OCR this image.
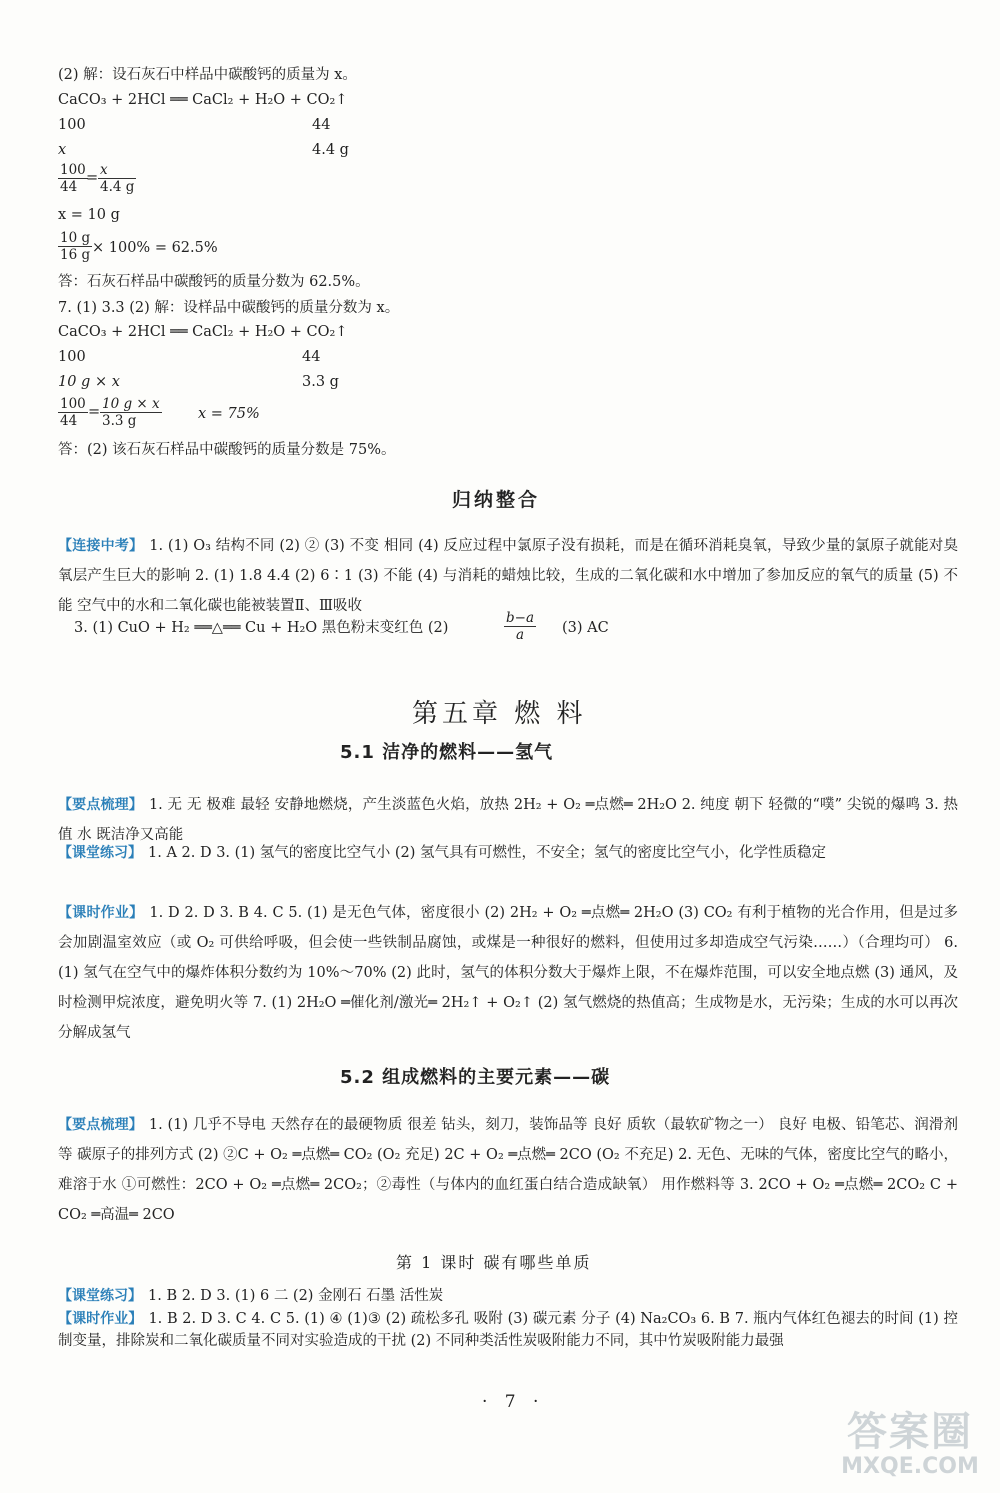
(2) 解：设石灰石中样品中碳酸钙的质量为 x。
CaCO₃ + 2HCl ══ CaCl₂ + H₂O + CO₂↑
100	44
x	4.4 g
$\frac{100}{44}$
= $\frac{x}{4.4 g}$
x = 10 g
$\frac{10 g}{16 g} \times 100\% = 62.5\%$
答：石灰石样品中碳酸钙的质量分数为 62.5%。
7. (1) 3.3 (2) 解：设样品中碳酸钙的质量分数为 x。
CaCO₃ + 2HCl ══ CaCl₂ + H₂O + CO₂↑
100	44
10 g × x	3.3 g
$\frac{100}{44} = \frac{10 g \times x}{3.3 g}$	x = 75%
答：(2) 该石灰石样品中碳酸钙的质量分数是 75%。
归纳整合
【连接中考】 1. (1) O₃ 结构不同 (2) ② (3) 不变 相同 (4) 反应过程中氯原子没有损耗，而是在循环消耗臭氧，导致少量的氯原子就能对臭氧层产生巨大的影响 2. (1) 1.8 4.4 (2) 6∶1 (3) 不能 (4) 与消耗的蜡烛比较，生成的二氧化碳和水中增加了参加反应的氧气的质量 (5) 不能 空气中的水和二氧化碳也能被装置Ⅱ、Ⅲ吸收
3. (1) CuO + H₂ ══△══ Cu + H₂O 黑色粉末变红色 (2)	$\frac{b-a}{a} (3)$ AC
第五章 燃 料
5.1 洁净的燃料——氢气
【要点梳理】 1. 无 无 极难 最轻 安静地燃烧，产生淡蓝色火焰，放热 2H₂ + O₂ ═点燃═ 2H₂O 2. 纯度 朝下 轻微的“噗” 尖锐的爆鸣 3. 热值 水 既洁净又高能
【课堂练习】 1. A 2. D 3. (1) 氢气的密度比空气小 (2) 氢气具有可燃性，不安全；氢气的密度比空气小，化学性质稳定
【课时作业】 1. D 2. D 3. B 4. C 5. (1) 是无色气体，密度很小 (2) 2H₂ + O₂ ═点燃═ 2H₂O (3) CO₂ 有利于植物的光合作用，但是过多会加剧温室效应（或 O₂ 可供给呼吸，但会使一些铁制品腐蚀，或煤是一种很好的燃料，但使用过多却造成空气污染……）（合理均可） 6. (1) 氢气在空气中的爆炸体积分数约为 10%～70% (2) 此时，氢气的体积分数大于爆炸上限，不在爆炸范围，可以安全地点燃 (3) 通风，及时检测甲烷浓度，避免明火等 7. (1) 2H₂O ═催化剂/激光═ 2H₂↑ + O₂↑ (2) 氢气燃烧的热值高；生成物是水，无污染；生成的水可以再次分解成氢气
5.2 组成燃料的主要元素——碳
【要点梳理】 1. (1) 几乎不导电 天然存在的最硬物质 很差 钻头，刻刀，装饰品等 良好 质软（最软矿物之一） 良好 电极、铅笔芯、润滑剂等 碳原子的排列方式 (2) ②C + O₂ ═点燃═ CO₂ (O₂ 充足) 2C + O₂ ═点燃═ 2CO (O₂ 不充足) 2. 无色、无味的气体，密度比空气的略小，难溶于水 ①可燃性：2CO + O₂ ═点燃═ 2CO₂；②毒性（与体内的血红蛋白结合造成缺氧） 用作燃料等 3. 2CO + O₂ ═点燃═ 2CO₂ C + CO₂ ═高温═ 2CO
第 1 课时 碳有哪些单质
【课堂练习】 1. B 2. D 3. (1) 6 二 (2) 金刚石 石墨 活性炭
【课时作业】 1. B 2. D 3. C 4. C 5. (1) ④ (1)③ (2) 疏松多孔 吸附 (3) 碳元素 分子 (4) Na₂CO₃ 6. B 7. 瓶内气体红色褪去的时间 (1) 控制变量，排除炭和二氧化碳质量不同对实验造成的干扰 (2) 不同种类活性炭吸附能力不同，其中竹炭吸附能力最强
· 7 ·
答案圈
MXQE.COM
